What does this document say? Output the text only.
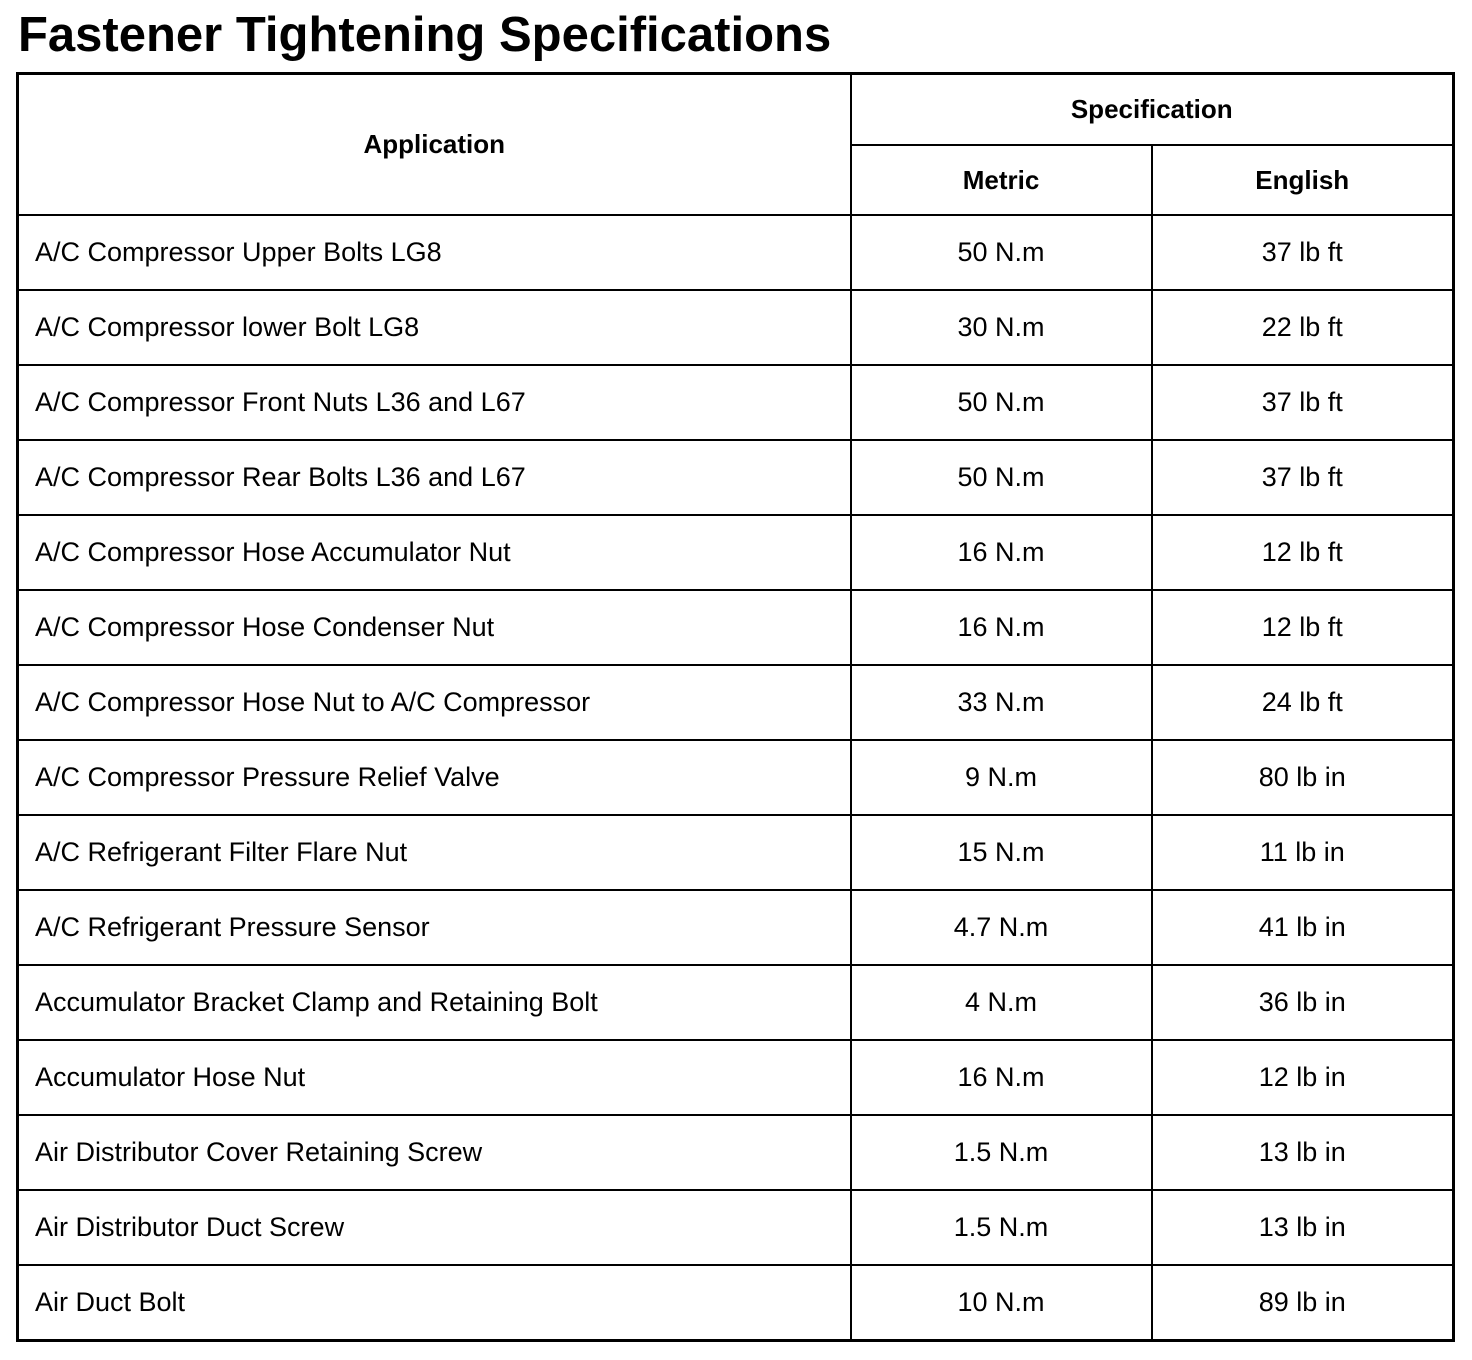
Fastener Tightening Specifications
Application	Specification	
	Metric	English
A/C Compressor Upper Bolts LG8	50 N.m	37 lb ft
A/C Compressor lower Bolt LG8	30 N.m	22 lb ft
A/C Compressor Front Nuts L36 and L67	50 N.m	37 lb ft
A/C Compressor Rear Bolts L36 and L67	50 N.m	37 lb ft
A/C Compressor Hose Accumulator Nut	16 N.m	12 lb ft
A/C Compressor Hose Condenser Nut	16 N.m	12 lb ft
A/C Compressor Hose Nut to A/C Compressor	33 N.m	24 lb ft
A/C Compressor Pressure Relief Valve	9 N.m	80 lb in
A/C Refrigerant Filter Flare Nut	15 N.m	11 lb in
A/C Refrigerant Pressure Sensor	4.7 N.m	41 lb in
Accumulator Bracket Clamp and Retaining Bolt	4 N.m	36 lb in
Accumulator Hose Nut	16 N.m	12 lb in
Air Distributor Cover Retaining Screw	1.5 N.m	13 lb in
Air Distributor Duct Screw	1.5 N.m	13 lb in
Air Duct Bolt	10 N.m	89 lb in
